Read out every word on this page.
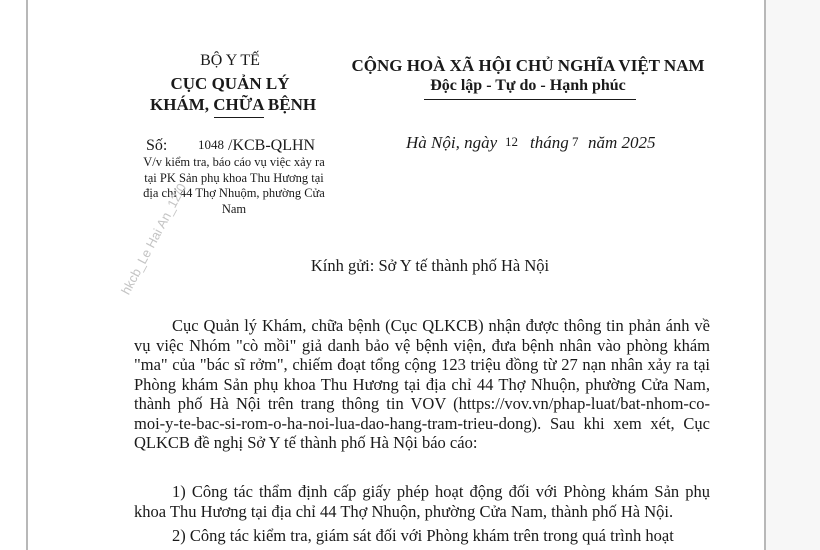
BỘ Y TẾ
CỤC QUẢN LÝ
KHÁM, CHỮA BỆNH
CỘNG HOÀ XÃ HỘI CHỦ NGHĨA VIỆT NAM
Độc lập - Tự do - Hạnh phúc
Số: 1048 /KCB-QLHN
V/v kiểm tra, báo cáo vụ việc xảy ra tại PK Sản phụ khoa Thu Hương tại địa chỉ 44 Thợ Nhuộm, phường Cửa Nam
Hà Nội, ngày 12 tháng 7 năm 2025
hkcb_Le Hai An_12/0	Kính gửi: Sở Y tế thành phố Hà Nội
Cục Quản lý Khám, chữa bệnh (Cục QLKCB) nhận được thông tin phản ánh về vụ việc Nhóm "cò mồi" giả danh bảo vệ bệnh viện, đưa bệnh nhân vào phòng khám "ma" của "bác sĩ rởm", chiếm đoạt tổng cộng 123 triệu đồng từ 27 nạn nhân xảy ra tại Phòng khám Sản phụ khoa Thu Hương tại địa chỉ 44 Thợ Nhuộn, phường Cửa Nam, thành phố Hà Nội trên trang thông tin VOV (https://vov.vn/phap-luat/bat-nhom-co-moi-y-te-bac-si-rom-o-ha-noi-lua-dao-hang-tram-trieu-dong). Sau khi xem xét, Cục QLKCB đề nghị Sở Y tế thành phố Hà Nội báo cáo:
1) Công tác thẩm định cấp giấy phép hoạt động đối với Phòng khám Sản phụ khoa Thu Hương tại địa chỉ 44 Thợ Nhuộn, phường Cửa Nam, thành phố Hà Nội.
2) Công tác kiểm tra, giám sát đối với Phòng khám trên trong quá trình hoạt
